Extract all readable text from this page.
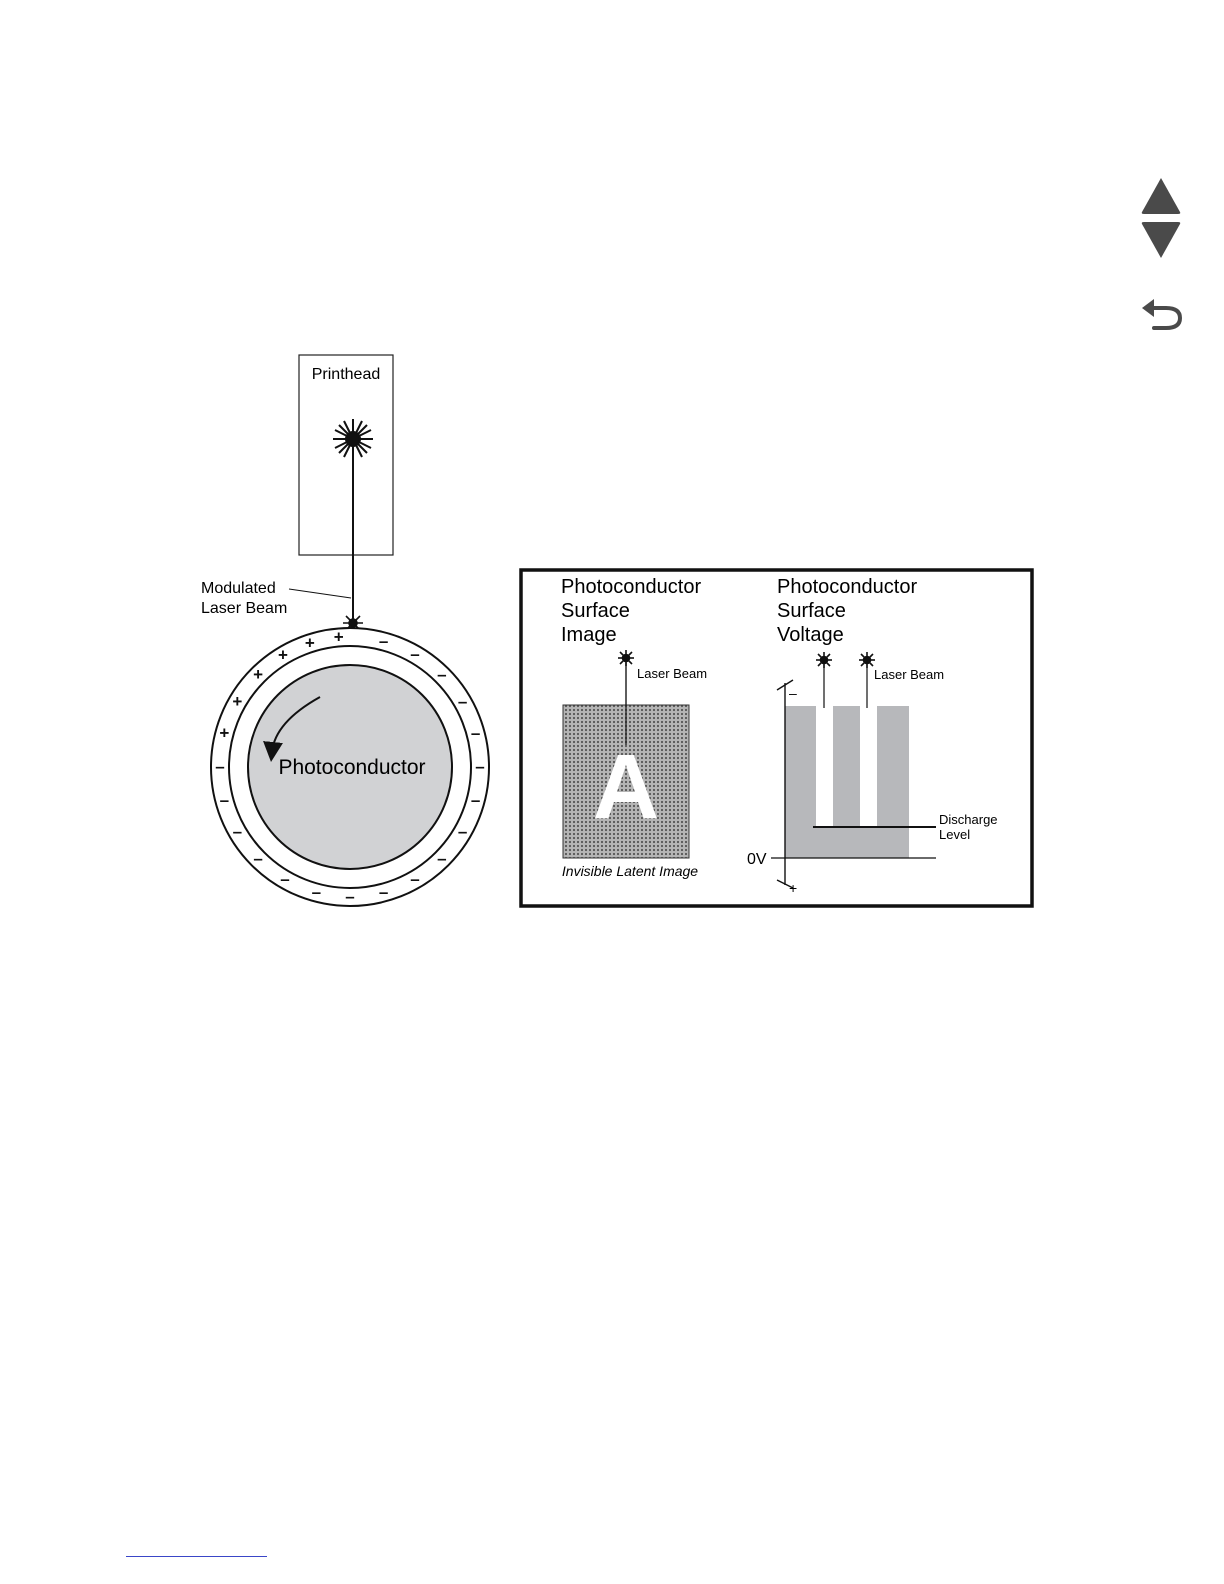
Printhead
Modulated
Laser Beam
Photoconductor
+
+
+
+
+
+
–
–
–
–
–
–
–
–
–
–
–
–
–
–
–
–
–
–
Photoconductor
Surface
Image
Laser Beam
A
Invisible Latent Image
Photoconductor
Surface
Voltage
–
+
0V
Discharge
Level
Laser Beam
